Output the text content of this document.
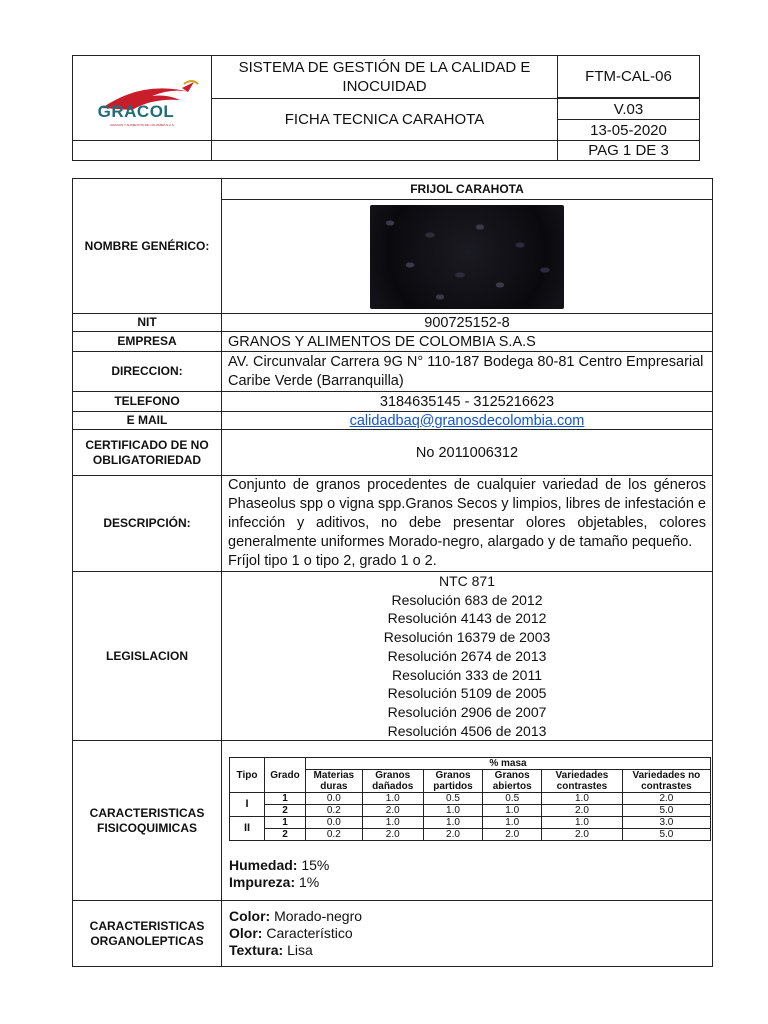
GRACOL
GRANOS Y ALIMENTOS DE COLOMBIA S.A.S	SISTEMA DE GESTIÓN DE LA CALIDAD E INOCUIDAD	FTM-CAL-06

	FICHA TECNICA CARAHOTA	V.03
		13-05-2020
		PAG 1 DE 3
NOMBRE GENÉRICO:	FRIJOL CARAHOTA

NIT	900725152-8
EMPRESA	GRANOS Y ALIMENTOS DE COLOMBIA S.A.S
DIRECCION:	AV. Circunvalar Carrera 9G N° 110-187 Bodega 80-81 Centro Empresarial Caribe Verde (Barranquilla)
TELEFONO	3184635145 - 3125216623
E MAIL	calidadbaq@granosdecolombia.com
CERTIFICADO DE NO OBLIGATORIEDAD	No 2011006312
DESCRIPCIÓN:	
Conjunto de granos procedentes de cualquier variedad de los géneros Phaseolus spp o vigna spp.Granos Secos y limpios, libres de infestación e infección y aditivos, no debe presentar olores objetables, colores generalmente uniformes Morado-negro, alargado y de tamaño pequeño.
Fríjol tipo 1 o tipo 2, grado 1 o 2.

LEGISLACION	
NTC 871
Resolución 683 de 2012
Resolución 4143 de 2012
Resolución 16379 de 2003
Resolución 2674 de 2013
Resolución 333 de 2011
Resolución 5109 de 2005
Resolución 2906 de 2007
Resolución 4506 de 2013

CARACTERISTICAS FISICOQUIMICAS	
Tipo	Grado	% masa
Materias duras	Granos dañados	Granos partidos	Granos abiertos	Variedades contrastes	Variedades no contrastes
I	1	0.0	1.0	0.5	0.5	1.0	2.0
2	0.2	2.0	1.0	1.0	2.0	5.0
II	1	0.0	1.0	1.0	1.0	1.0	3.0
2	0.2	2.0	2.0	2.0	2.0	5.0
Humedad: 15%
Impureza: 1%

CARACTERISTICAS ORGANOLEPTICAS	
Color: Morado-negro
Olor: Característico
Textura: Lisa
